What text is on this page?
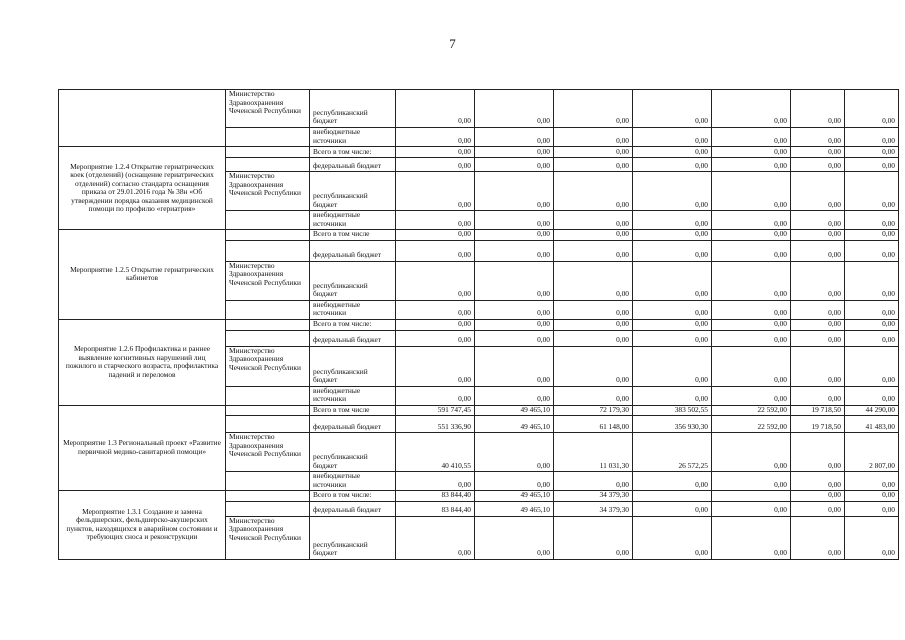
7
	Министерство Здравоохранения Чеченской Республики	республиканский бюджет	0,00	0,00	0,00	0,00	0,00	0,00	0,00
		внебюджетные источники	0,00	0,00	0,00	0,00	0,00	0,00	0,00
Мероприятие 1.2.4 Открытие гериатрических коек (отделений) (оснащение гериатрических отделений) согласно стандарта оснащения приказа от 29.01.2016 года № 38н «Об утверждении порядка оказания медицинской помощи по профилю «гериатрия»		Всего в том числе:	0,00	0,00	0,00	0,00	0,00	0,00	0,00
		федеральный бюджет	0,00	0,00	0,00	0,00	0,00	0,00	0,00
	Министерство Здравоохранения Чеченской Республики	республиканский бюджет	0,00	0,00	0,00	0,00	0,00	0,00	0,00
		внебюджетные источники	0,00	0,00	0,00	0,00	0,00	0,00	0,00
Мероприятие 1.2.5 Открытие гериатрических кабинетов		Всего в том числе	0,00	0,00	0,00	0,00	0,00	0,00	0,00
		федеральный бюджет	0,00	0,00	0,00	0,00	0,00	0,00	0,00
	Министерство Здравоохранения Чеченской Республики	республиканский бюджет	0,00	0,00	0,00	0,00	0,00	0,00	0,00
		внебюджетные источники	0,00	0,00	0,00	0,00	0,00	0,00	0,00
Мероприятие 1.2.6 Профилактика и раннее выявление когнитивных нарушений лиц пожилого и старческого возраста, профилактика падений и переломов		Всего в том числе:	0,00	0,00	0,00	0,00	0,00	0,00	0,00
		федеральный бюджет	0,00	0,00	0,00	0,00	0,00	0,00	0,00
	Министерство Здравоохранения Чеченской Республики	республиканский бюджет	0,00	0,00	0,00	0,00	0,00	0,00	0,00
		внебюджетные источники	0,00	0,00	0,00	0,00	0,00	0,00	0,00
Мероприятие 1.3 Региональный проект «Развитие первичной медико-санитарной помощи»		Всего в том числе	591 747,45	49 465,10	72 179,30	383 502,55	22 592,00	19 718,50	44 290,00
		федеральный бюджет	551 336,90	49 465,10	61 148,00	356 930,30	22 592,00	19 718,50	41 483,00
	Министерство Здравоохранения Чеченской Республики	республиканский бюджет	40 410,55	0,00	11 031,30	26 572,25	0,00	0,00	2 807,00
		внебюджетные источники	0,00	0,00	0,00	0,00	0,00	0,00	0,00
Мероприятие 1.3.1 Создание и замена фельдшерских, фельдшерско-акушерских пунктов, находящихся в аварийном состоянии и требующих сноса и реконструкции		Всего в том числе:	83 844,40	49 465,10	34 379,30			0,00	0,00
		федеральный бюджет	83 844,40	49 465,10	34 379,30	0,00	0,00	0,00	0,00
	Министерство Здравоохранения Чеченской Республики	республиканский бюджет	0,00	0,00	0,00	0,00	0,00	0,00	0,00
